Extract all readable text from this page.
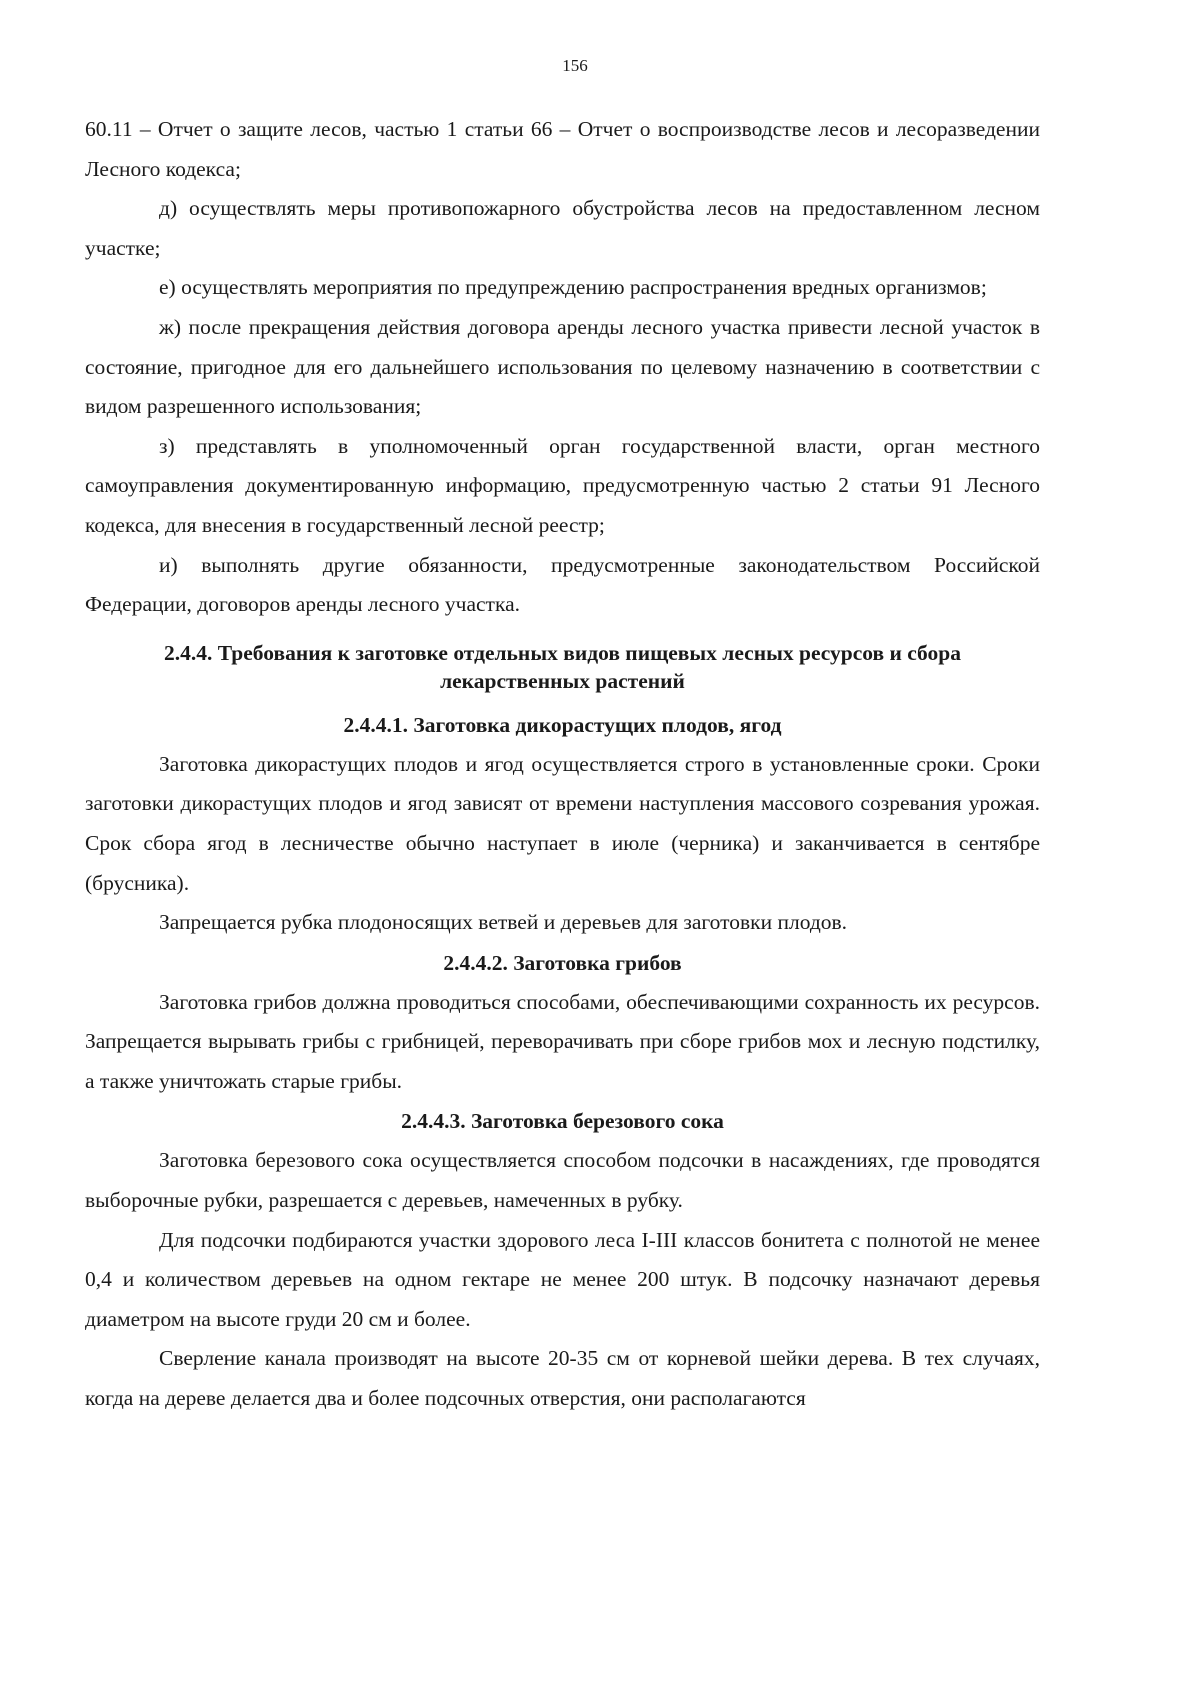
156

60.11 – Отчет о защите лесов, частью 1 статьи 66 – Отчет о воспроизводстве лесов и лесоразведении Лесного кодекса;

д) осуществлять меры противопожарного обустройства лесов на предоставленном лесном участке;

е) осуществлять мероприятия по предупреждению распространения вредных организмов;

ж) после прекращения действия договора аренды лесного участка привести лесной участок в состояние, пригодное для его дальнейшего использования по целевому назначению в соответствии с видом разрешенного использования;

з) представлять в уполномоченный орган государственной власти, орган местного самоуправления документированную информацию, предусмотренную частью 2 статьи 91 Лесного кодекса, для внесения в государственный лесной реестр;

и) выполнять другие обязанности, предусмотренные законодательством Российской Федерации, договоров аренды лесного участка.

2.4.4. Требования к заготовке отдельных видов пищевых лесных ресурсов и сбора
лекарственных растений
2.4.4.1. Заготовка дикорастущих плодов, ягод

Заготовка дикорастущих плодов и ягод осуществляется строго в установленные сроки. Сроки заготовки дикорастущих плодов и ягод зависят от времени наступления массового созревания урожая. Срок сбора ягод в лесничестве обычно наступает в июле (черника) и заканчивается в сентябре (брусника).

Запрещается рубка плодоносящих ветвей и деревьев для заготовки плодов.

2.4.4.2. Заготовка грибов

Заготовка грибов должна проводиться способами, обеспечивающими сохранность их ресурсов. Запрещается вырывать грибы с грибницей, переворачивать при сборе грибов мох и лесную подстилку, а также уничтожать старые грибы.

2.4.4.3. Заготовка березового сока

Заготовка березового сока осуществляется способом подсочки в насаждениях, где проводятся выборочные рубки, разрешается с деревьев, намеченных в рубку.

Для подсочки подбираются участки здорового леса I-III классов бонитета с полнотой не менее 0,4 и количеством деревьев на одном гектаре не менее 200 штук. В подсочку назначают деревья диаметром на высоте груди 20 см и более.

Сверление канала производят на высоте 20-35 см от корневой шейки дерева. В тех случаях, когда на дереве делается два и более подсочных отверстия, они располагаются
